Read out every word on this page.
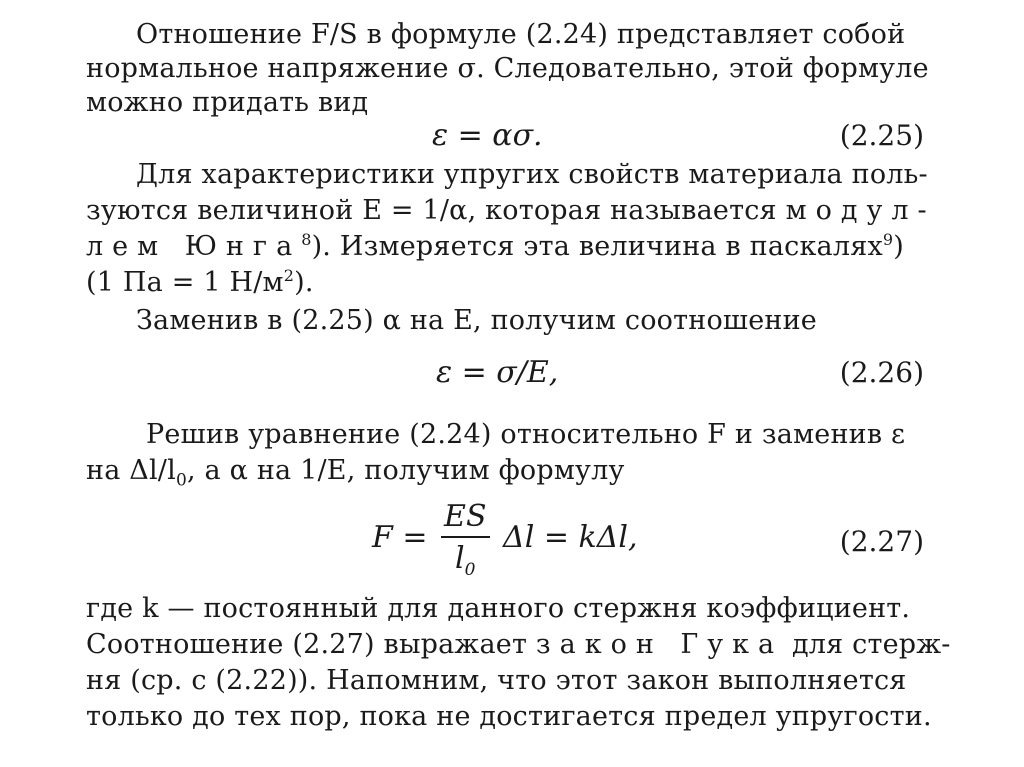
Отношение F/S в формуле (2.24) представляет собой
нормальное напряжение σ. Следовательно, этой формуле
можно придать вид
ε = ασ.	(2.25)
Для характеристики упругих свойств материала поль-
зуются величиной E = 1/α, которая называется модул-
лем Юнга$^8$). Измеряется эта величина в паскалях$^9$)
(1 Па = 1 $Н/м^2$).
Заменив в (2.25) α на E, получим соотношение
ε = σ/E,	(2.26)
Решив уравнение (2.24) относительно F и заменив ε
на $\Delta l/l_0$, а α на 1/E, получим формулу
$F = \frac{ES}{l_0}$ Δl = kΔl,	(2.27)
где k — постоянный для данного стержня коэффициент.
Соотношение (2.27) выражает закон Гука для стерж-
ня (ср. с (2.22)). Напомним, что этот закон выполняется
только до тех пор, пока не достигается предел упругости.
